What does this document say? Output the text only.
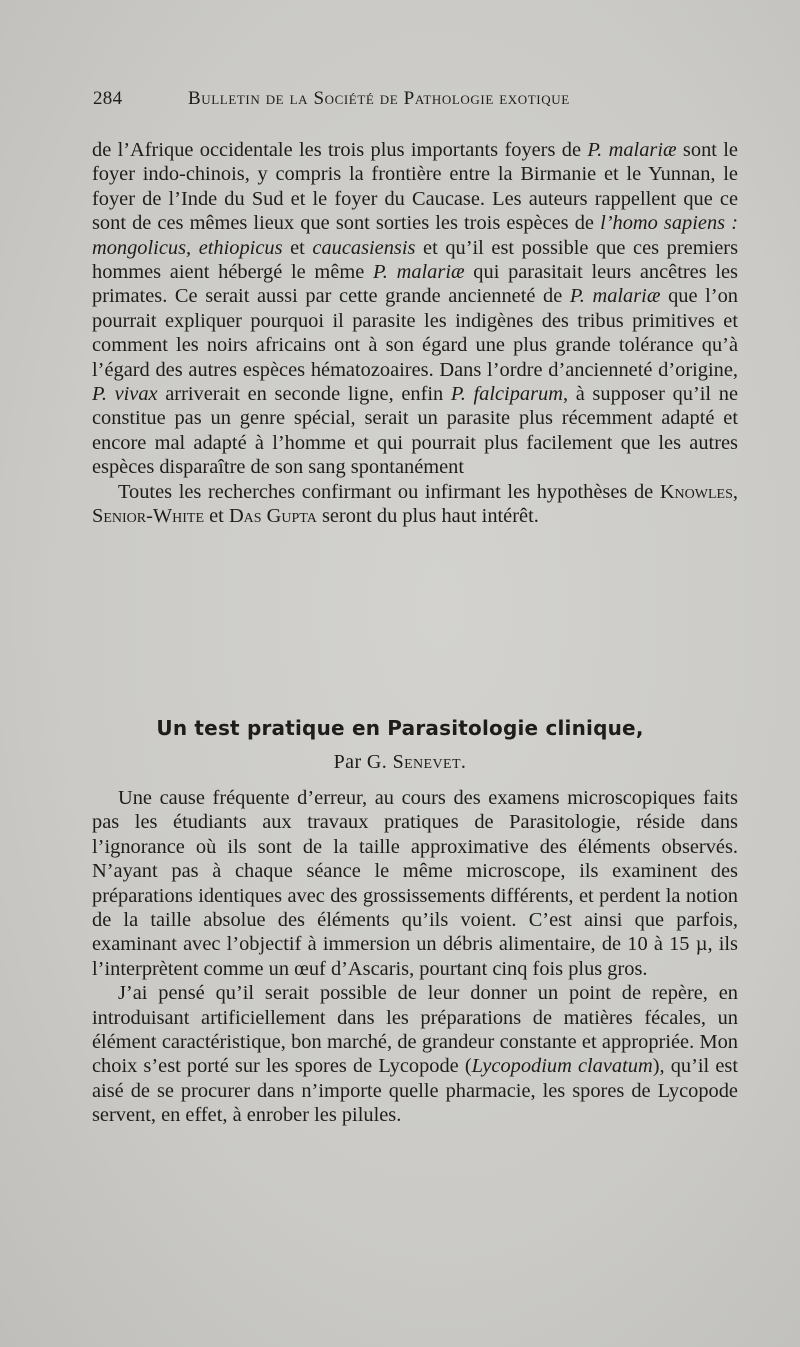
284	Bulletin de la Société de Pathologie exotique

de l’Afrique occidentale les trois plus importants foyers de P. malariæ sont le foyer indo-chinois, y compris la frontière entre la Birmanie et le Yunnan, le foyer de l’Inde du Sud et le foyer du Caucase. Les auteurs rappellent que ce sont de ces mêmes lieux que sont sorties les trois espèces de l’homo sapiens : mongolicus, ethiopicus et caucasiensis et qu’il est possible que ces premiers hommes aient hébergé le même P. malariæ qui parasitait leurs ancêtres les primates. Ce serait aussi par cette grande ancienneté de P. malariæ que l’on pourrait expliquer pourquoi il parasite les indigènes des tribus primitives et comment les noirs africains ont à son égard une plus grande tolérance qu’à l’égard des autres espèces hématozoaires. Dans l’ordre d’ancienneté d’origine, P. vivax arriverait en seconde ligne, enfin P. falciparum, à supposer qu’il ne constitue pas un genre spécial, serait un parasite plus récemment adapté et encore mal adapté à l’homme et qui pourrait plus facilement que les autres espèces disparaître de son sang spontanément

Toutes les recherches confirmant ou infirmant les hypothèses de Knowles, Senior-White et Das Gupta seront du plus haut intérêt.

Un test pratique en Parasitologie clinique,
Par G. Senevet.

Une cause fréquente d’erreur, au cours des examens microscopiques faits pas les étudiants aux travaux pratiques de Parasitologie, réside dans l’ignorance où ils sont de la taille approximative des éléments observés. N’ayant pas à chaque séance le même microscope, ils examinent des préparations identiques avec des grossissements différents, et perdent la notion de la taille absolue des éléments qu’ils voient. C’est ainsi que parfois, examinant avec l’objectif à immersion un débris alimentaire, de 10 à 15 µ, ils l’interprètent comme un œuf d’Ascaris, pourtant cinq fois plus gros.

J’ai pensé qu’il serait possible de leur donner un point de repère, en introduisant artificiellement dans les préparations de matières fécales, un élément caractéristique, bon marché, de grandeur constante et appropriée. Mon choix s’est porté sur les spores de Lycopode (Lycopodium clavatum), qu’il est aisé de se procurer dans n’importe quelle pharmacie, les spores de Lycopode servent, en effet, à enrober les pilules.
